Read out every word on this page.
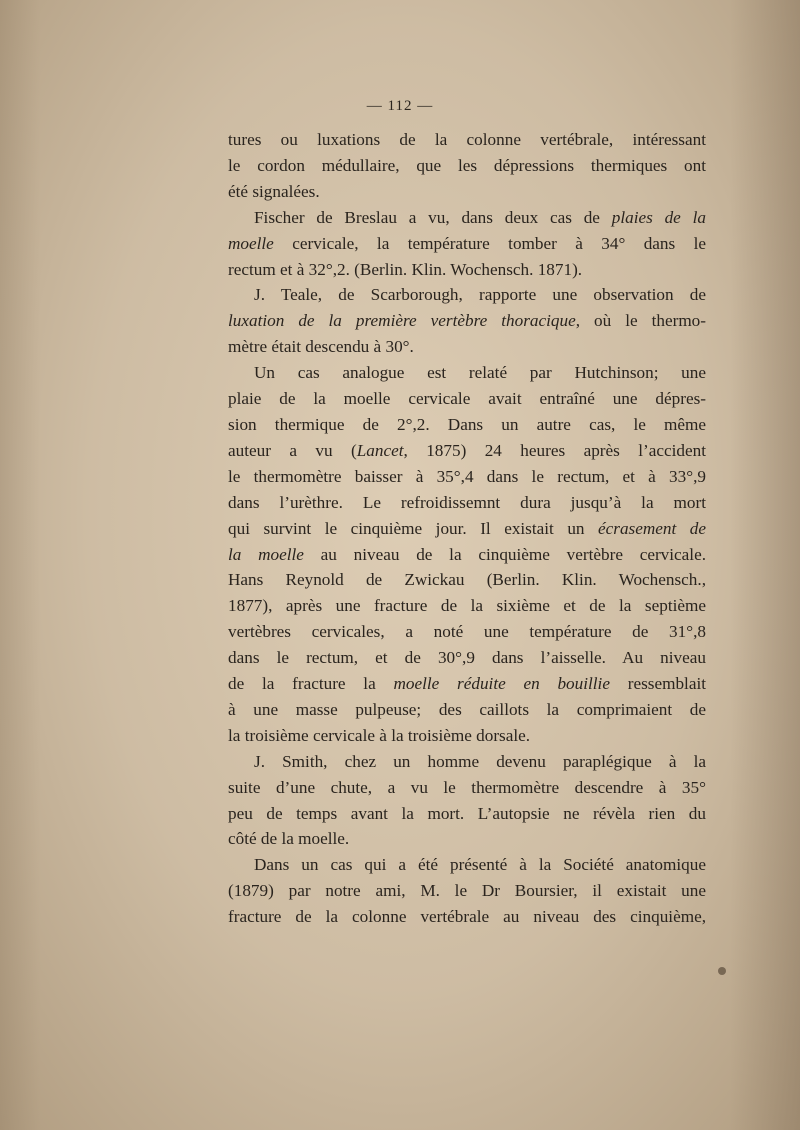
— 112 —
tures ou luxations de la colonne vertébrale, intéressant
le cordon médullaire, que les dépressions thermiques ont
été signalées.
Fischer de Breslau a vu, dans deux cas de plaies de la
moelle cervicale, la température tomber à 34° dans le
rectum et à 32°,2. (Berlin. Klin. Wochensch. 1871).
J. Teale, de Scarborough, rapporte une observation de
luxation de la première vertèbre thoracique, où le thermo-
mètre était descendu à 30°.
Un cas analogue est relaté par Hutchinson; une
plaie de la moelle cervicale avait entraîné une dépres-
sion thermique de 2°,2. Dans un autre cas, le même
auteur a vu (Lancet, 1875) 24 heures après l’accident
le thermomètre baisser à 35°,4 dans le rectum, et à 33°,9
dans l’urèthre. Le refroidissemnt dura jusqu’à la mort
qui survint le cinquième jour. Il existait un écrasement de
la moelle au niveau de la cinquième vertèbre cervicale.
Hans Reynold de Zwickau (Berlin. Klin. Wochensch.,
1877), après une fracture de la sixième et de la septième
vertèbres cervicales, a noté une température de 31°,8
dans le rectum, et de 30°,9 dans l’aisselle. Au niveau
de la fracture la moelle réduite en bouillie ressemblait
à une masse pulpeuse; des caillots la comprimaient de
la troisième cervicale à la troisième dorsale.
J. Smith, chez un homme devenu paraplégique à la
suite d’une chute, a vu le thermomètre descendre à 35°
peu de temps avant la mort. L’autopsie ne révèla rien du
côté de la moelle.
Dans un cas qui a été présenté à la Société anatomique
(1879) par notre ami, M. le Dr Boursier, il existait une
fracture de la colonne vertébrale au niveau des cinquième,
